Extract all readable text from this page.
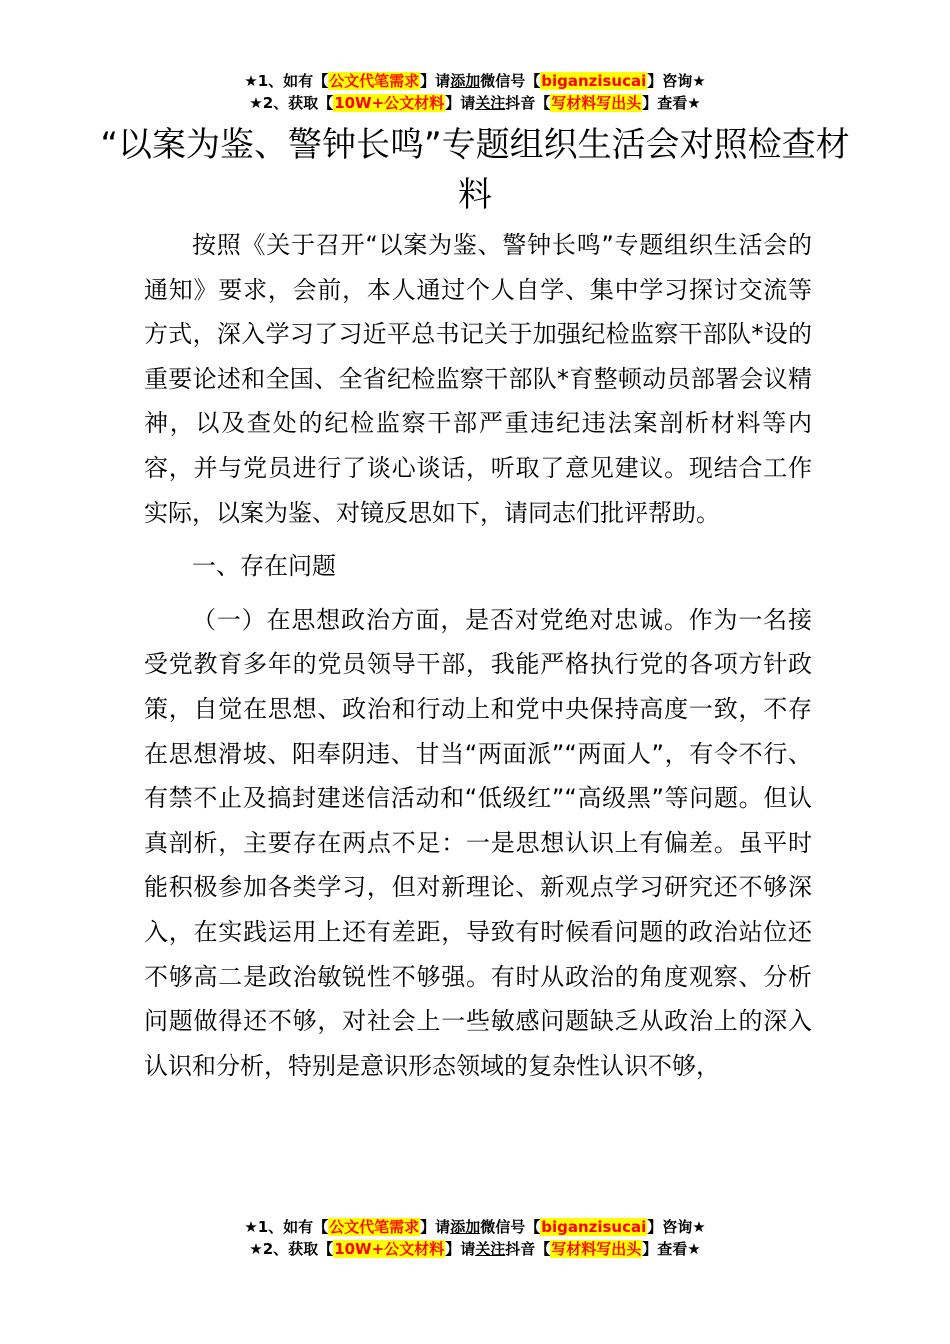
★1、如有【公文代笔需求】请添加微信号【biganzisucai】咨询★
★2、获取【10W+公文材料】请关注抖音【写材料写出头】查看★
“以案为鉴、警钟长鸣”专题组织生活会对照检查材料

按照《关于召开“以案为鉴、警钟长鸣”专题组织生活会的通知》要求，会前，本人通过个人自学、集中学习探讨交流等方式，深入学习了习近平总书记关于加强纪检监察干部队*设的重要论述和全国、全省纪检监察干部队*育整顿动员部署会议精神，以及查处的纪检监察干部严重违纪违法案剖析材料等内容，并与党员进行了谈心谈话，听取了意见建议。现结合工作实际，以案为鉴、对镜反思如下，请同志们批评帮助。

一、存在问题

（一）在思想政治方面，是否对党绝对忠诚。作为一名接受党教育多年的党员领导干部，我能严格执行党的各项方针政策，自觉在思想、政治和行动上和党中央保持高度一致，不存在思想滑坡、阳奉阴违、甘当“两面派”“两面人”，有令不行、有禁不止及搞封建迷信活动和“低级红”“高级黑”等问题。但认真剖析，主要存在两点不足：一是思想认识上有偏差。虽平时能积极参加各类学习，但对新理论、新观点学习研究还不够深入，在实践运用上还有差距，导致有时候看问题的政治站位还不够高二是政治敏锐性不够强。有时从政治的角度观察、分析问题做得还不够，对社会上一些敏感问题缺乏从政治上的深入认识和分析，特别是意识形态领域的复杂性认识不够，

★1、如有【公文代笔需求】请添加微信号【biganzisucai】咨询★
★2、获取【10W+公文材料】请关注抖音【写材料写出头】查看★
